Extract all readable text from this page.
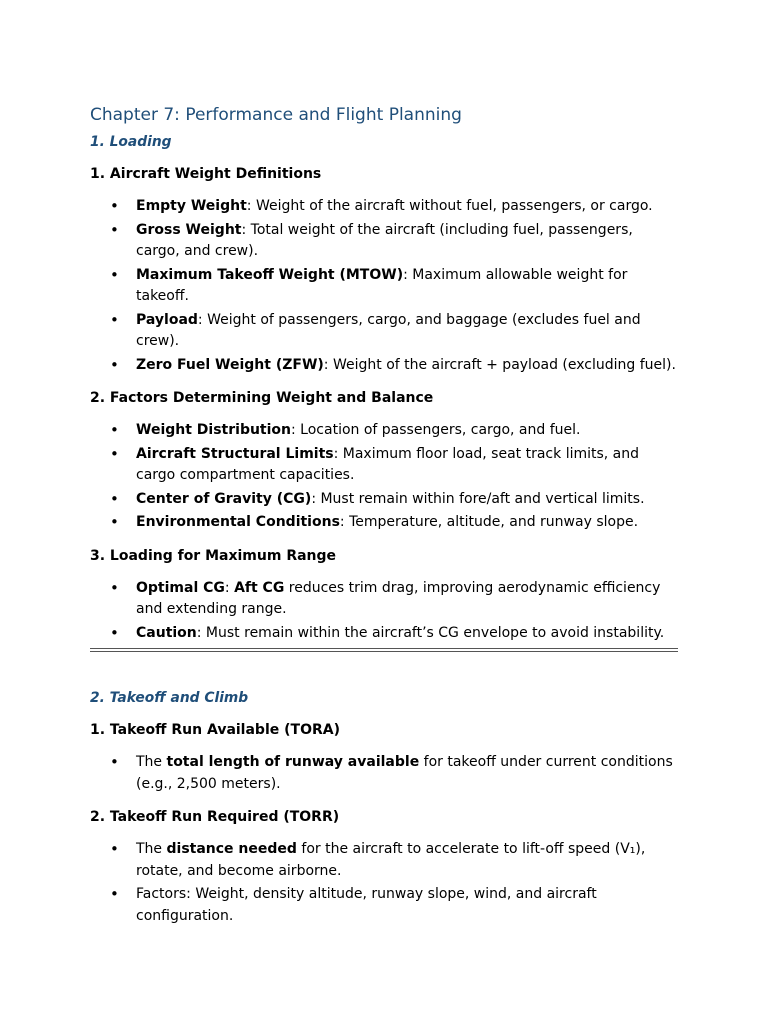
Chapter 7: Performance and Flight Planning
1. Loading
1. Aircraft Weight Definitions
• Empty Weight: Weight of the aircraft without fuel, passengers, or cargo.
• Gross Weight: Total weight of the aircraft (including fuel, passengers, cargo, and crew).
• Maximum Takeoff Weight (MTOW): Maximum allowable weight for takeoff.
• Payload: Weight of passengers, cargo, and baggage (excludes fuel and crew).
• Zero Fuel Weight (ZFW): Weight of the aircraft + payload (excluding fuel).
2. Factors Determining Weight and Balance
• Weight Distribution: Location of passengers, cargo, and fuel.
• Aircraft Structural Limits: Maximum floor load, seat track limits, and cargo compartment capacities.
• Center of Gravity (CG): Must remain within fore/aft and vertical limits.
• Environmental Conditions: Temperature, altitude, and runway slope.
3. Loading for Maximum Range
• Optimal CG: Aft CG reduces trim drag, improving aerodynamic efficiency and extending range.
• Caution: Must remain within the aircraft’s CG envelope to avoid instability.
2. Takeoff and Climb
1. Takeoff Run Available (TORA)
• The total length of runway available for takeoff under current conditions (e.g., 2,500 meters).
2. Takeoff Run Required (TORR)
• The distance needed for the aircraft to accelerate to lift-off speed (V₁), rotate, and become airborne.
• Factors: Weight, density altitude, runway slope, wind, and aircraft configuration.
